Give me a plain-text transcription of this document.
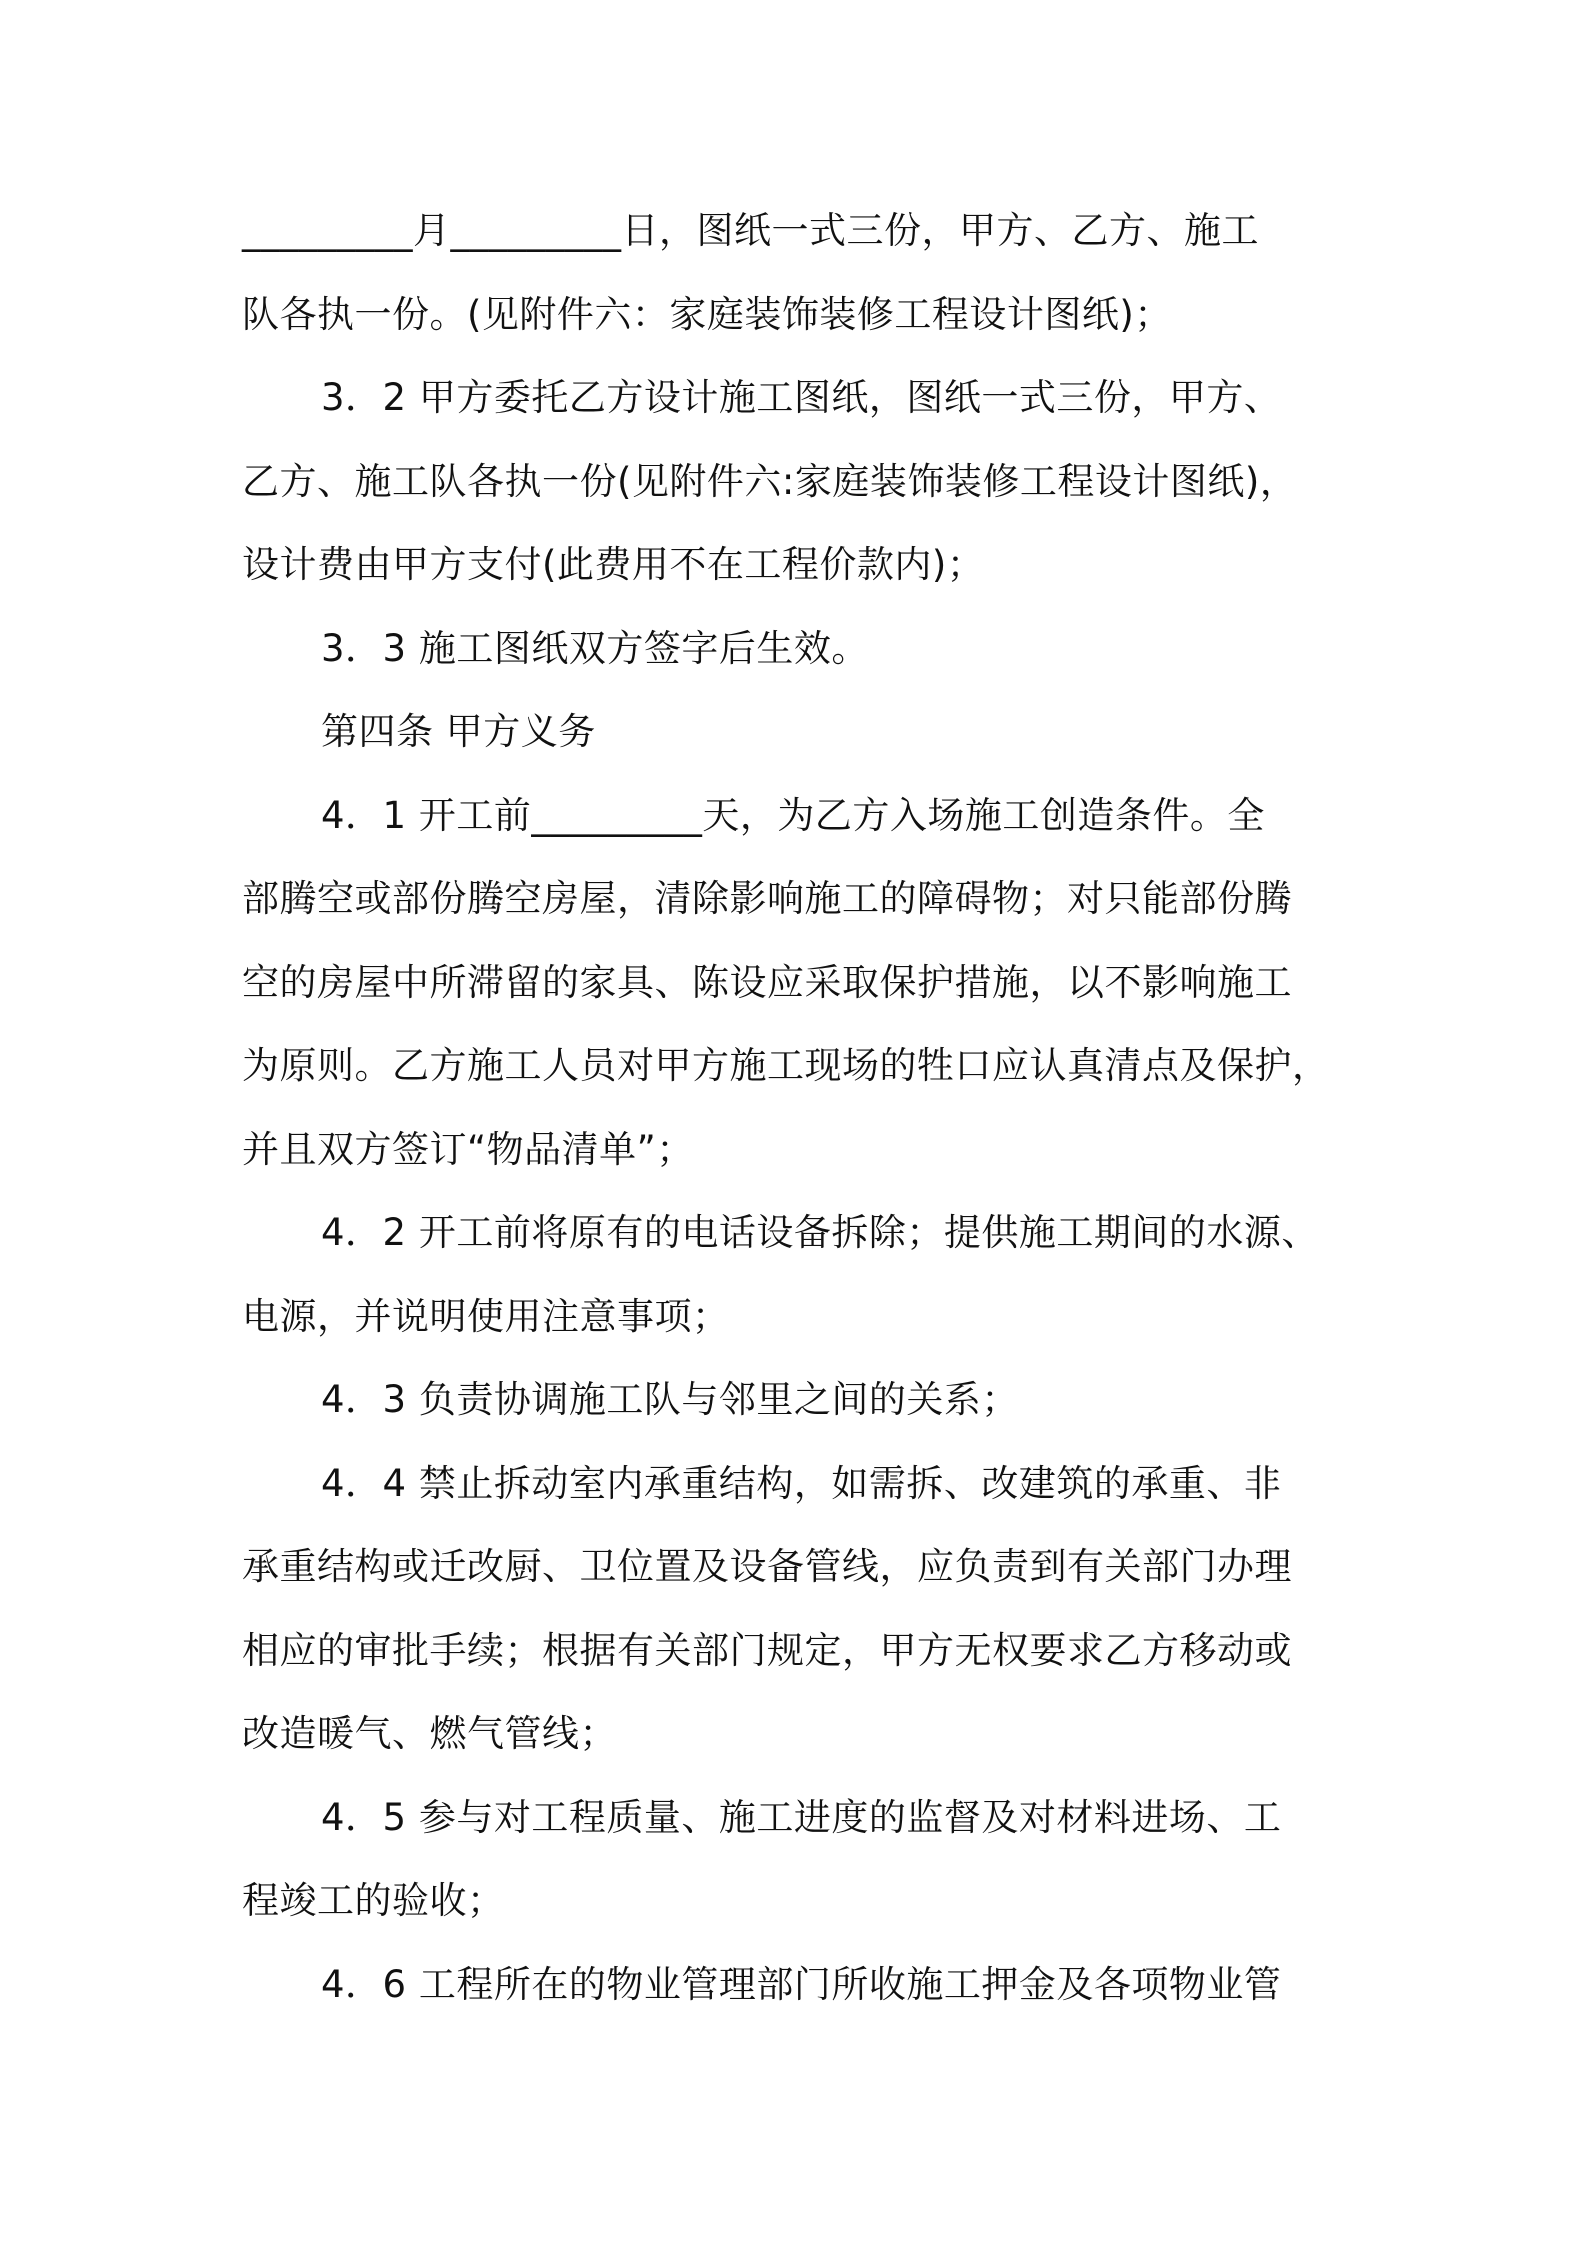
_________月_________日，图纸一式三份，甲方、乙方、施工
队各执一份。(见附件六：家庭装饰装修工程设计图纸)；
3．2 甲方委托乙方设计施工图纸，图纸一式三份，甲方、
乙方、施工队各执一份(见附件六:家庭装饰装修工程设计图纸)，
设计费由甲方支付(此费用不在工程价款内)；
3．3 施工图纸双方签字后生效。
第四条 甲方义务
4．1 开工前_________天，为乙方入场施工创造条件。全
部腾空或部份腾空房屋，清除影响施工的障碍物；对只能部份腾
空的房屋中所滞留的家具、陈设应采取保护措施，以不影响施工
为原则。乙方施工人员对甲方施工现场的牲口应认真清点及保护，
并且双方签订“物品清单”；
4．2 开工前将原有的电话设备拆除；提供施工期间的水源、
电源，并说明使用注意事项；
4．3 负责协调施工队与邻里之间的关系；
4．4 禁止拆动室内承重结构，如需拆、改建筑的承重、非
承重结构或迁改厨、卫位置及设备管线，应负责到有关部门办理
相应的审批手续；根据有关部门规定，甲方无权要求乙方移动或
改造暖气、燃气管线；
4．5 参与对工程质量、施工进度的监督及对材料进场、工
程竣工的验收；
4．6 工程所在的物业管理部门所收施工押金及各项物业管
